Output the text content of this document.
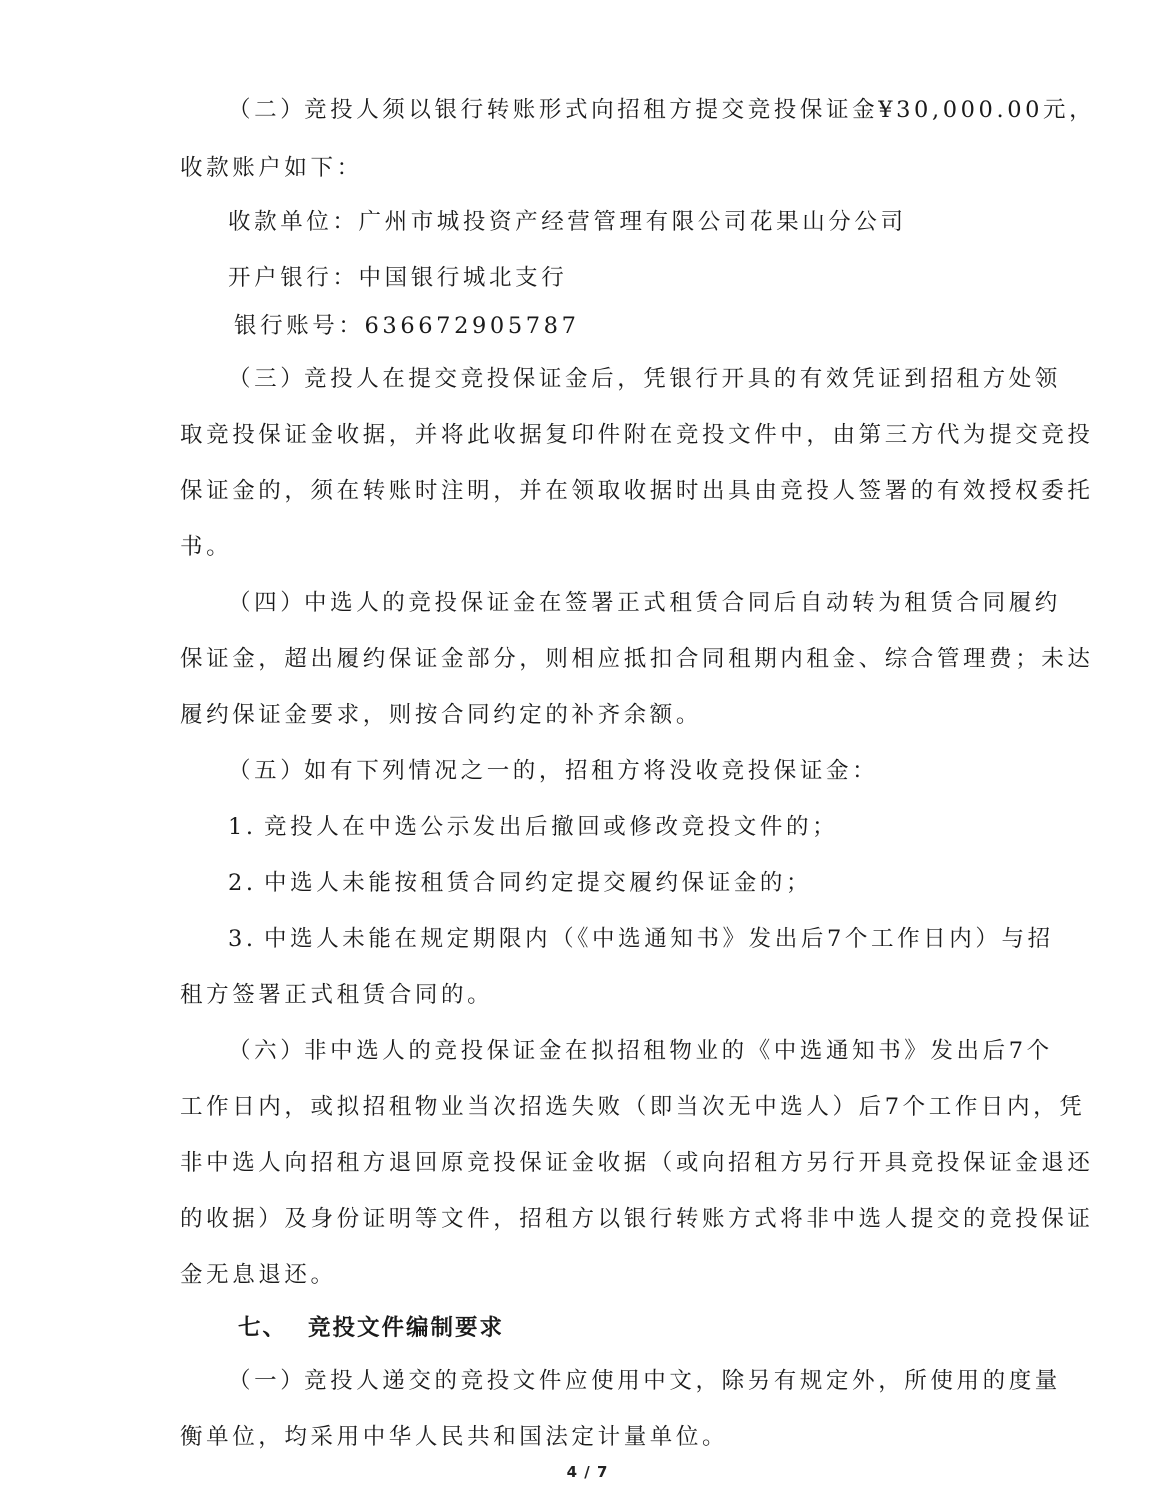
（二）竞投人须以银行转账形式向招租方提交竞投保证金¥30,000.00元，
收款账户如下：
收款单位：广州市城投资产经营管理有限公司花果山分公司
开户银行：中国银行城北支行
银行账号：636672905787
（三）竞投人在提交竞投保证金后，凭银行开具的有效凭证到招租方处领
取竞投保证金收据，并将此收据复印件附在竞投文件中，由第三方代为提交竞投
保证金的，须在转账时注明，并在领取收据时出具由竞投人签署的有效授权委托
书。
（四）中选人的竞投保证金在签署正式租赁合同后自动转为租赁合同履约
保证金，超出履约保证金部分，则相应抵扣合同租期内租金、综合管理费；未达
履约保证金要求，则按合同约定的补齐余额。
（五）如有下列情况之一的，招租方将没收竞投保证金：
1. 竞投人在中选公示发出后撤回或修改竞投文件的；
2. 中选人未能按租赁合同约定提交履约保证金的；
3. 中选人未能在规定期限内（《中选通知书》发出后7个工作日内）与招
租方签署正式租赁合同的。
（六）非中选人的竞投保证金在拟招租物业的《中选通知书》发出后7个
工作日内，或拟招租物业当次招选失败（即当次无中选人）后7个工作日内，凭
非中选人向招租方退回原竞投保证金收据（或向招租方另行开具竞投保证金退还
的收据）及身份证明等文件，招租方以银行转账方式将非中选人提交的竞投保证
金无息退还。
七、 竞投文件编制要求
（一）竞投人递交的竞投文件应使用中文，除另有规定外，所使用的度量
衡单位，均采用中华人民共和国法定计量单位。
4 / 7
